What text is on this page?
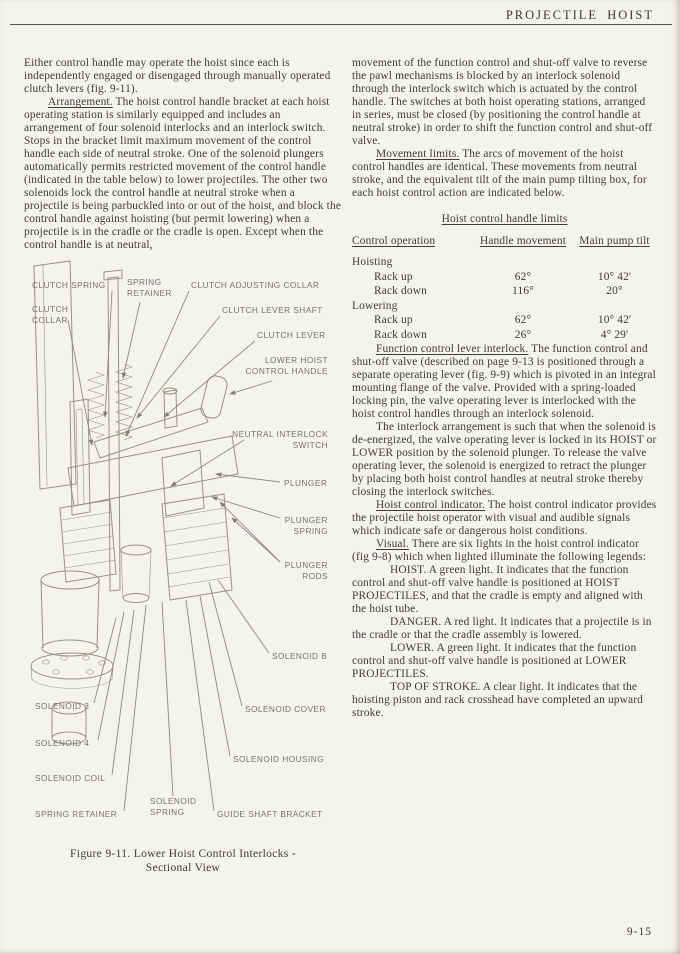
PROJECTILE HOIST

Either control handle may operate the hoist since each is independently engaged or disengaged through manually operated clutch levers (fig. 9-11).

Arrangement. The hoist control handle bracket at each hoist operating station is similarly equipped and includes an arrangement of four solenoid interlocks and an interlock switch. Stops in the bracket limit maximum movement of the control handle each side of neutral stroke. One of the solenoid plungers automatically permits restricted movement of the control handle (indicated in the table below) to lower projectiles. The other two solenoids lock the control handle at neutral stroke when a projectile is being parbuckled into or out of the hoist, and block the control handle against hoisting (but permit lowering) when a projectile is in the cradle or the cradle is open. Except when the control handle is at neutral,

CLUTCH SPRING	SPRING RETAINER
CLUTCH ADJUSTING COLLAR
CLUTCH COLLAR
CLUTCH LEVER SHAFT
CLUTCH LEVER
LOWER HOIST CONTROL HANDLE
NEUTRAL INTERLOCK SWITCH
PLUNGER
PLUNGER SPRING
PLUNGER RODS
SOLENOID B
SOLENOID COVER
SOLENOID HOUSING
GUIDE SHAFT BRACKET
SOLENOID SPRING
SPRING RETAINER
SOLENOID COIL
SOLENOID 4
SOLENOID 3
Figure 9-11. Lower Hoist Control Interlocks -
Sectional View

movement of the function control and shut-off valve to reverse the pawl mechanisms is blocked by an interlock solenoid through the interlock switch which is actuated by the control handle. The switches at both hoist operating stations, arranged in series, must be closed (by positioning the control handle at neutral stroke) in order to shift the function control and shut-off valve.

Movement limits. The arcs of movement of the hoist control handles are identical. These movements from neutral stroke, and the equivalent tilt of the main pump tilting box, for each hoist control action are indicated below.

Hoist control handle limits
Control operation	Handle movement	Main pump tilt
Hoisting
Rack up	62°	10° 42'
Rack down	116°	20°
Lowering
Rack up	62°	10° 42'
Rack down	26°	4° 29'

Function control lever interlock. The function control and shut-off valve (described on page 9-13 is positioned through a separate operating lever (fig. 9-9) which is pivoted in an integral mounting flange of the valve. Provided with a spring-loaded locking pin, the valve operating lever is interlocked with the hoist control handles through an interlock solenoid.

The interlock arrangement is such that when the solenoid is de-energized, the valve operating lever is locked in its HOIST or LOWER position by the solenoid plunger. To release the valve operating lever, the solenoid is energized to retract the plunger by placing both hoist control handles at neutral stroke thereby closing the interlock switches.

Hoist control indicator. The hoist control indicator provides the projectile hoist operator with visual and audible signals which indicate safe or dangerous hoist conditions.

Visual. There are six lights in the hoist control indicator (fig 9-8) which when lighted illuminate the following legends:

HOIST. A green light. It indicates that the function control and shut-off valve handle is positioned at HOIST PROJECTILES, and that the cradle is empty and aligned with the hoist tube.

DANGER. A red light. It indicates that a projectile is in the cradle or that the cradle assembly is lowered.

LOWER. A green light. It indicates that the function control and shut-off valve handle is positioned at LOWER PROJECTILES.

TOP OF STROKE. A clear light. It indicates that the hoisting piston and rack crosshead have completed an upward stroke.

9-15
